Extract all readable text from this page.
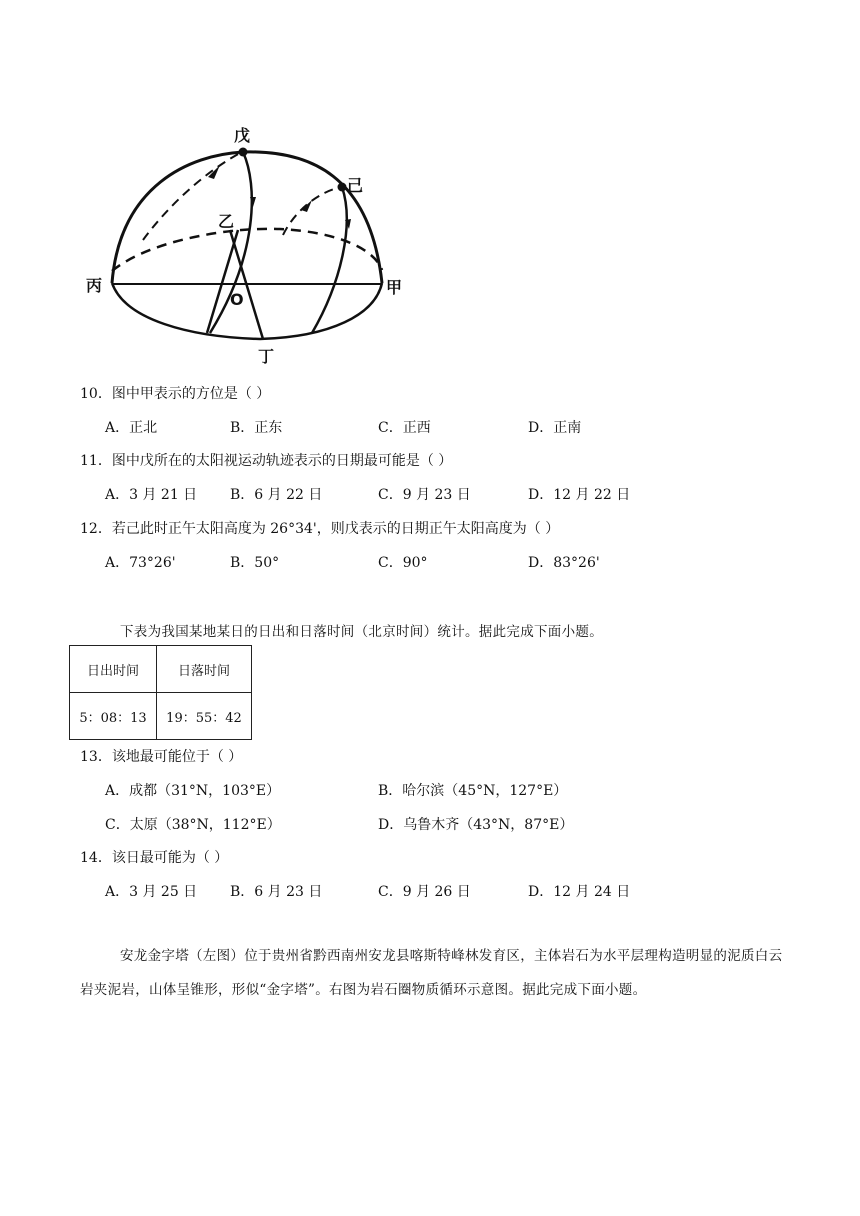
戊
己
乙
丙	甲
O
丁
10．图中甲表示的方位是（ ）
A．正北	B．正东	C．正西	D．正南
11．图中戊所在的太阳视运动轨迹表示的日期最可能是（ ）
A．3 月 21 日 B．6 月 22 日	C．9 月 23 日	D．12 月 22 日
12．若己此时正午太阳高度为 26°34'，则戊表示的日期正午太阳高度为（ ）
A．73°26'	B．50°	C．90°	D．83°26'
下表为我国某地某日的日出和日落时间（北京时间）统计。据此完成下面小题。
日出时间	日落时间
5：08：13	19：55：42
13．该地最可能位于（ ）
A．成都（31°N，103°E）	B．哈尔滨（45°N，127°E）
C．太原（38°N，112°E）	D．乌鲁木齐（43°N，87°E）
14．该日最可能为（ ）
A．3 月 25 日 B．6 月 23 日	C．9 月 26 日	D．12 月 24 日
安龙金字塔（左图）位于贵州省黔西南州安龙县喀斯特峰林发育区，主体岩石为水平层理构造明显的泥质白云岩夹泥岩，山体呈锥形，形似“金字塔”。右图为岩石圈物质循环示意图。据此完成下面小题。
